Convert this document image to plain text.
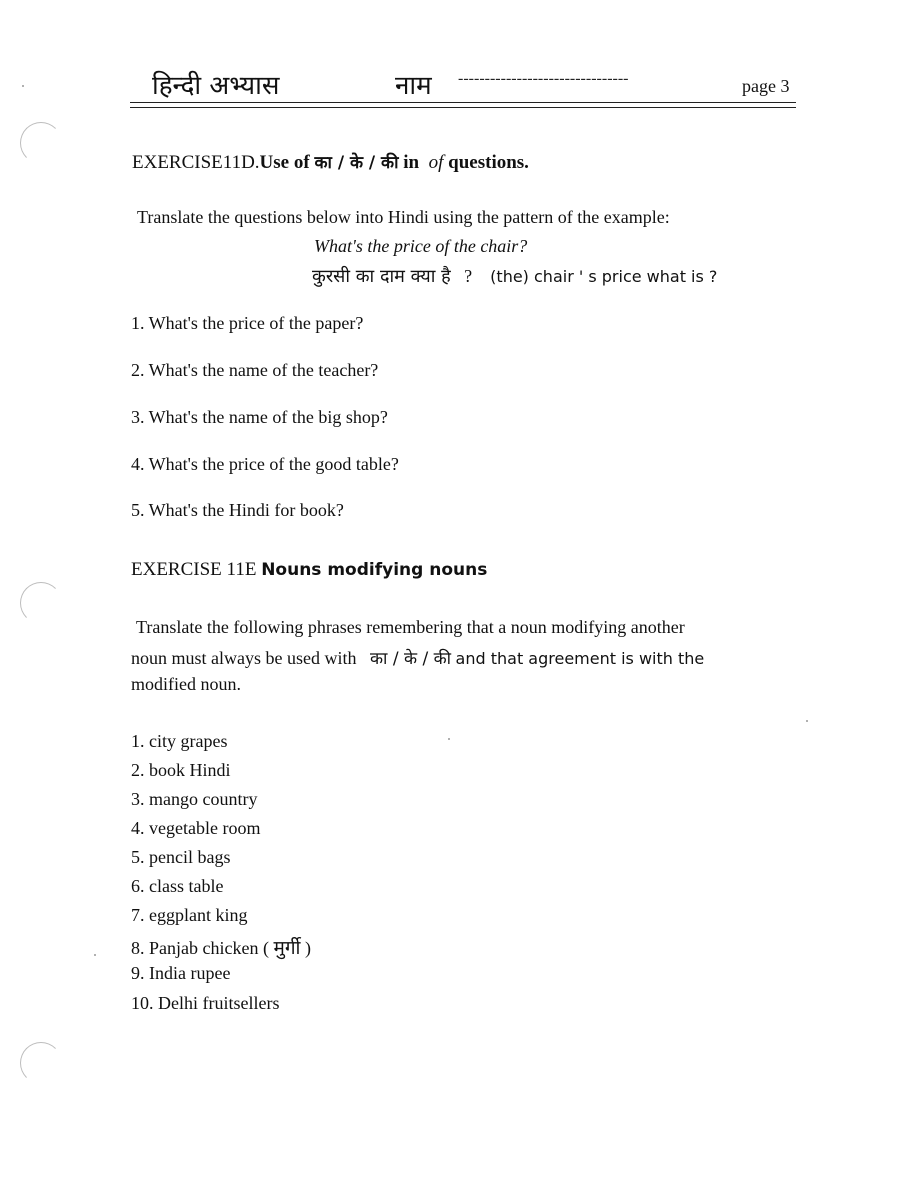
हिन्दी अभ्यास	नाम --------------------------------	page 3
EXERCISE11D.Use of का / के / की in of questions.
Translate the questions below into Hindi using the pattern of the example:
What's the price of the chair?
कुरसी का दाम क्या है ? (the) chair ' s price what is ?
1. What's the price of the paper?
2. What's the name of the teacher?
3. What's the name of the big shop?
4. What's the price of the good table?
5. What's the Hindi for book?
EXERCISE 11E Nouns modifying nouns
Translate the following phrases remembering that a noun modifying another
noun must always be used with का / के / की and that agreement is with the
modified noun.
1. city grapes
2. book Hindi
3. mango country
4. vegetable room
5. pencil bags
6. class table
7. eggplant king
8. Panjab chicken ( मुर्गी )
9. India rupee
10. Delhi fruitsellers
